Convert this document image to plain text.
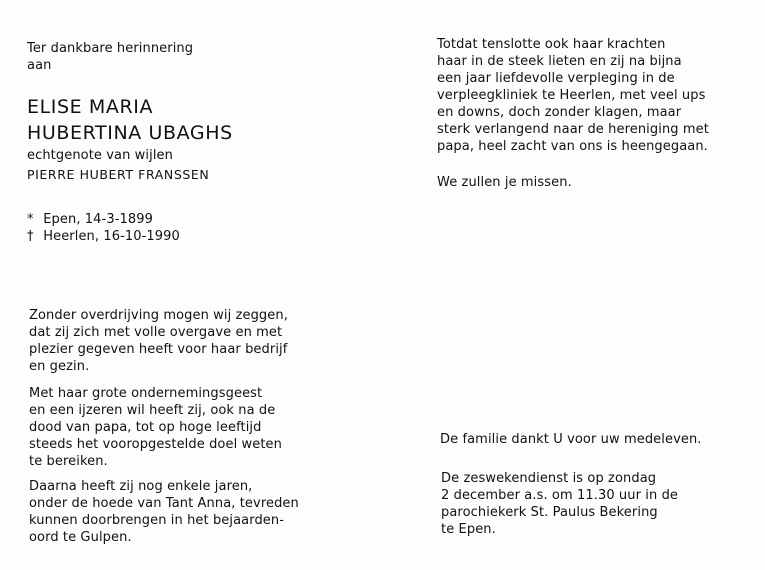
Ter dankbare herinnering
aan
ELISE MARIA
HUBERTINA UBAGHS
echtgenote van wijlen
PIERRE HUBERT FRANSSEN
* Epen, 14-3-1899
† Heerlen, 16-10-1990
Zonder overdrijving mogen wij zeggen,
dat zij zich met volle overgave en met
plezier gegeven heeft voor haar bedrijf
en gezin.
Met haar grote ondernemingsgeest
en een ijzeren wil heeft zij, ook na de
dood van papa, tot op hoge leeftijd
steeds het vooropgestelde doel weten
te bereiken.
Daarna heeft zij nog enkele jaren,
onder de hoede van Tant Anna, tevreden
kunnen doorbrengen in het bejaarden-
oord te Gulpen.
Totdat tenslotte ook haar krachten
haar in de steek lieten en zij na bijna
een jaar liefdevolle verpleging in de
verpleegkliniek te Heerlen, met veel ups
en downs, doch zonder klagen, maar
sterk verlangend naar de hereniging met
papa, heel zacht van ons is heengegaan.
We zullen je missen.
De familie dankt U voor uw medeleven.
De zeswekendienst is op zondag
2 december a.s. om 11.30 uur in de
parochiekerk St. Paulus Bekering
te Epen.
